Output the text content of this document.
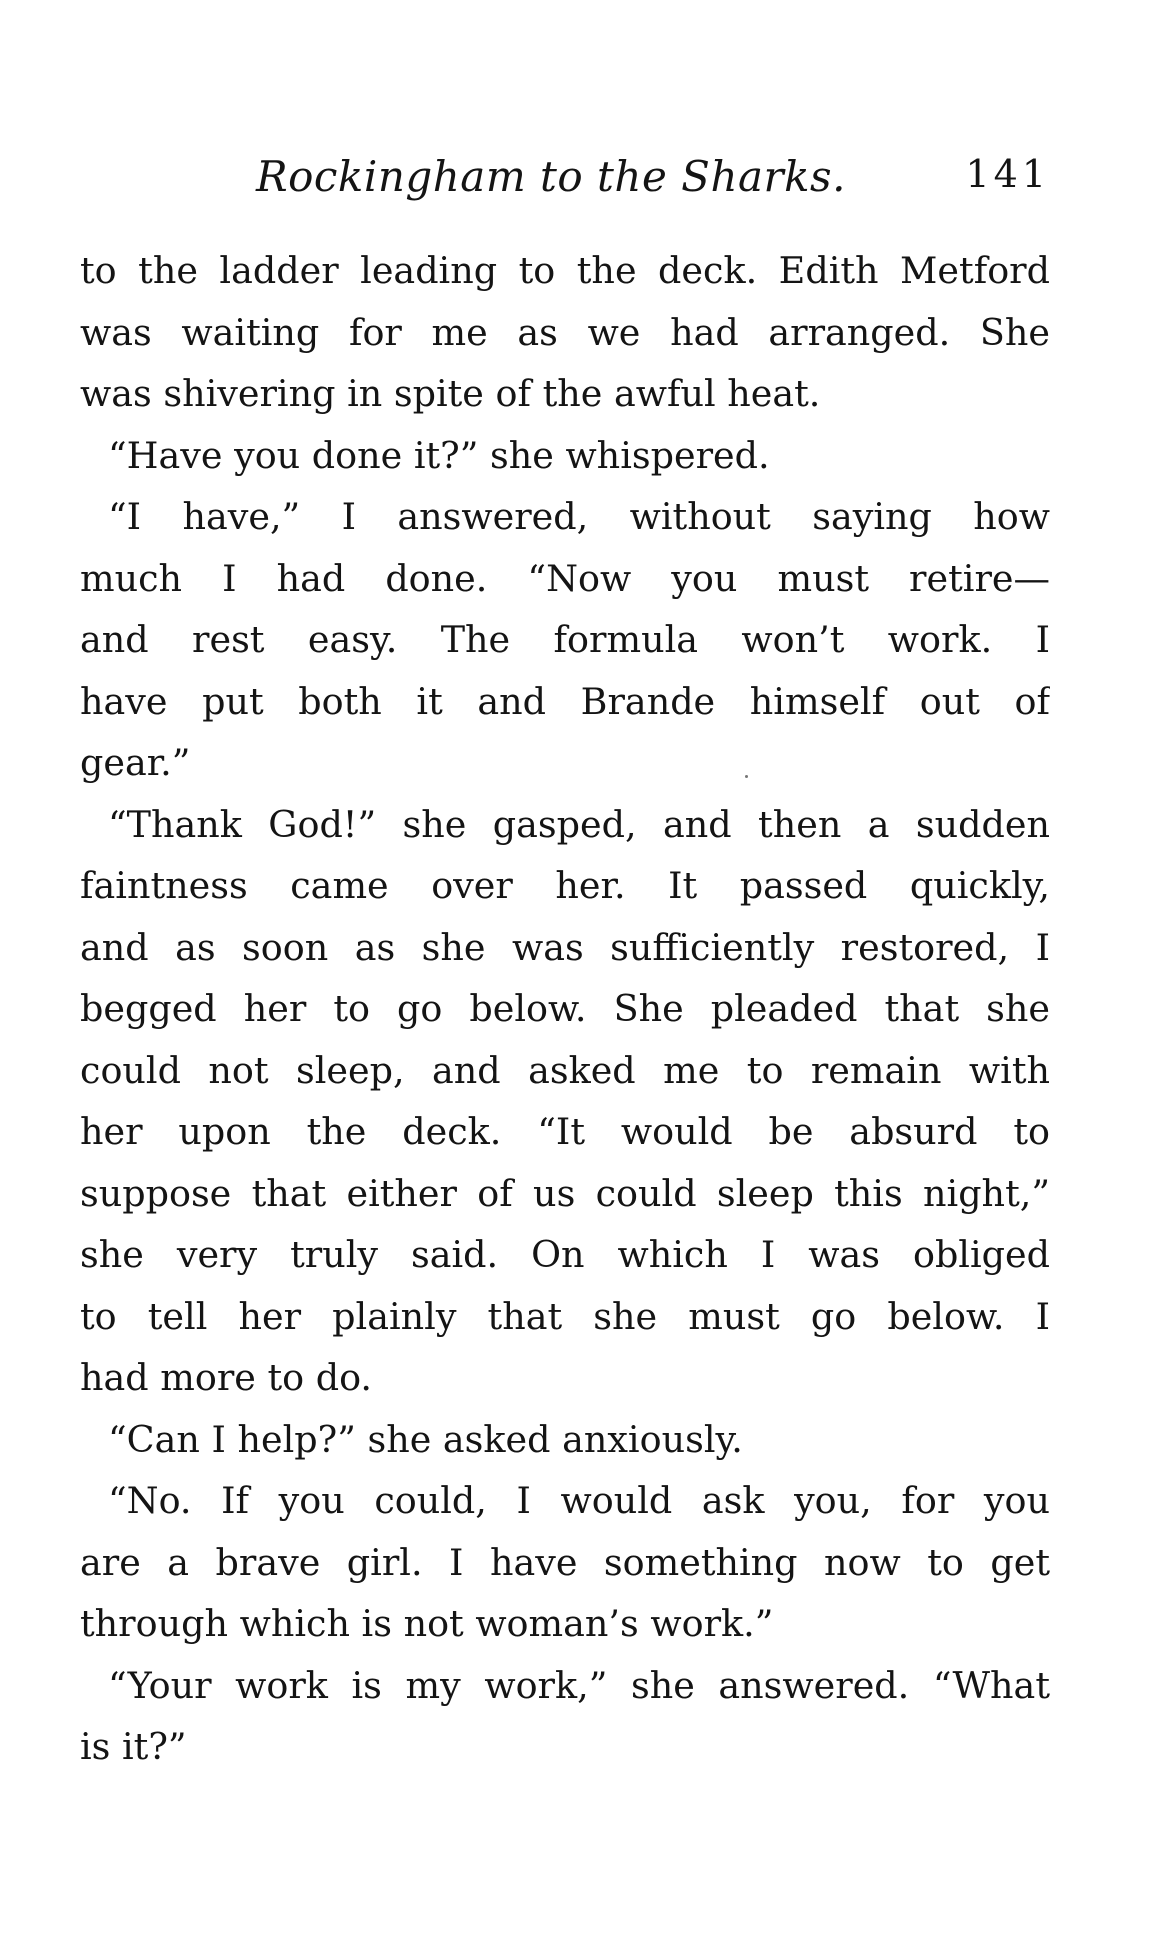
Rockingham to the Sharks.	141
to the ladder leading to the deck. Edith Metford
was waiting for me as we had arranged. She
was shivering in spite of the awful heat.
“Have you done it?” she whispered.
“I have,” I answered, without saying how
much I had done. “Now you must retire—
and rest easy. The formula won’t work. I
have put both it and Brande himself out of
gear.”
“Thank God!” she gasped, and then a sudden
faintness came over her. It passed quickly,
and as soon as she was sufficiently restored, I
begged her to go below. She pleaded that she
could not sleep, and asked me to remain with
her upon the deck. “It would be absurd to
suppose that either of us could sleep this night,”
she very truly said. On which I was obliged
to tell her plainly that she must go below. I
had more to do.
“Can I help?” she asked anxiously.
“No. If you could, I would ask you, for you
are a brave girl. I have something now to get
through which is not woman’s work.”
“Your work is my work,” she answered. “What
is it?”
